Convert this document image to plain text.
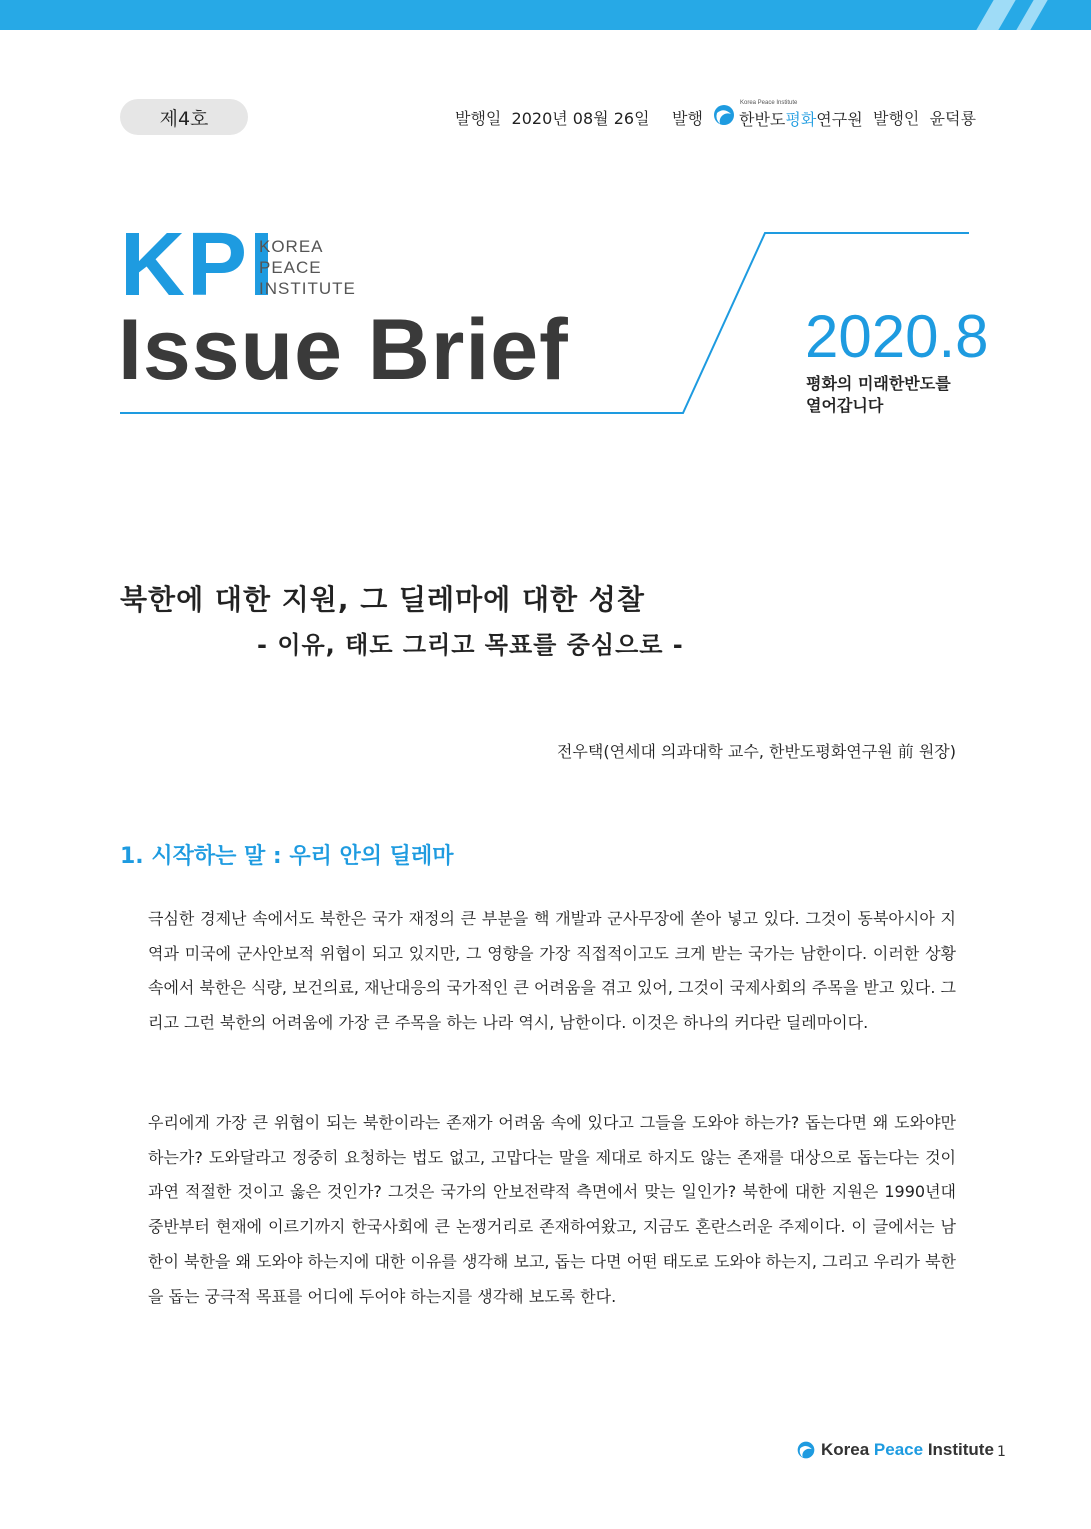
제4호	발행일 2020년 08월 26일 발행
Korea Peace Institute
한반도평화연구원 발행인 윤덕룡
KPI
KOREA
PEACE
INSTITUTE
Issue Brief	2020.8
평화의 미래한반도를
열어갑니다
북한에 대한 지원, 그 딜레마에 대한 성찰
- 이유, 태도 그리고 목표를 중심으로 -
전우택(연세대 의과대학 교수, 한반도평화연구원 前 원장)
1. 시작하는 말 : 우리 안의 딜레마

극심한 경제난 속에서도 북한은 국가 재정의 큰 부분을 핵 개발과 군사무장에 쏟아 넣고 있다. 그것이 동북아시아 지역과 미국에 군사안보적 위협이 되고 있지만, 그 영향을 가장 직접적이고도 크게 받는 국가는 남한이다. 이러한 상황 속에서 북한은 식량, 보건의료, 재난대응의 국가적인 큰 어려움을 겪고 있어, 그것이 국제사회의 주목을 받고 있다. 그리고 그런 북한의 어려움에 가장 큰 주목을 하는 나라 역시, 남한이다. 이것은 하나의 커다란 딜레마이다.

우리에게 가장 큰 위협이 되는 북한이라는 존재가 어려움 속에 있다고 그들을 도와야 하는가? 돕는다면 왜 도와야만 하는가? 도와달라고 정중히 요청하는 법도 없고, 고맙다는 말을 제대로 하지도 않는 존재를 대상으로 돕는다는 것이 과연 적절한 것이고 옳은 것인가? 그것은 국가의 안보전략적 측면에서 맞는 일인가? 북한에 대한 지원은 1990년대 중반부터 현재에 이르기까지 한국사회에 큰 논쟁거리로 존재하여왔고, 지금도 혼란스러운 주제이다. 이 글에서는 남한이 북한을 왜 도와야 하는지에 대한 이유를 생각해 보고, 돕는 다면 어떤 태도로 도와야 하는지, 그리고 우리가 북한을 돕는 궁극적 목표를 어디에 두어야 하는지를 생각해 보도록 한다.

Korea Peace Institute 1
